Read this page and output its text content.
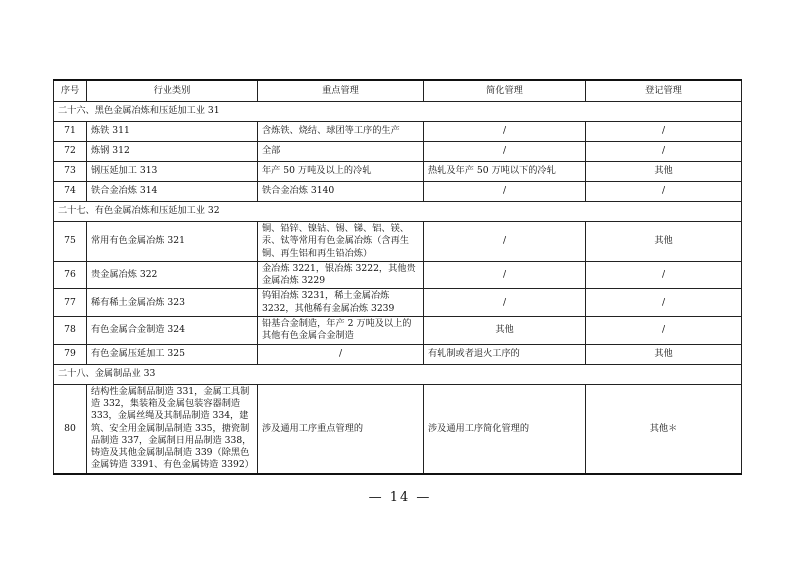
序号	行业类别	重点管理	简化管理	登记管理
二十六、黑色金属冶炼和压延加工业 31				
71	炼铁 311	含炼铁、烧结、球团等工序的生产	/	/
72	炼钢 312	全部	/	/
73	钢压延加工 313	年产 50 万吨及以上的冷轧	热轧及年产 50 万吨以下的冷轧	其他
74	铁合金冶炼 314	铁合金冶炼 3140	/	/
二十七、有色金属冶炼和压延加工业 32				
75	常用有色金属冶炼 321	铜、铅锌、镍钴、锡、锑、铝、镁、汞、钛等常用有色金属冶炼（含再生铜、再生铝和再生铅冶炼）	/	其他
76	贵金属冶炼 322	金冶炼 3221，银冶炼 3222，其他贵金属冶炼 3229	/	/
77	稀有稀土金属冶炼 323	钨钼冶炼 3231，稀土金属冶炼 3232，其他稀有金属冶炼 3239	/	/
78	有色金属合金制造 324	铅基合金制造，年产 2 万吨及以上的其他有色金属合金制造	其他	/
79	有色金属压延加工 325	/	有轧制或者退火工序的	其他
二十八、金属制品业 33				
80	结构性金属制品制造 331，金属工具制造 332，集装箱及金属包装容器制造 333，金属丝绳及其制品制造 334，建筑、安全用金属制品制造 335，搪瓷制品制造 337，金属制日用品制造 338，铸造及其他金属制品制造 339（除黑色金属铸造 3391、有色金属铸造 3392）	涉及通用工序重点管理的	涉及通用工序简化管理的	其他＊
— 14 —
